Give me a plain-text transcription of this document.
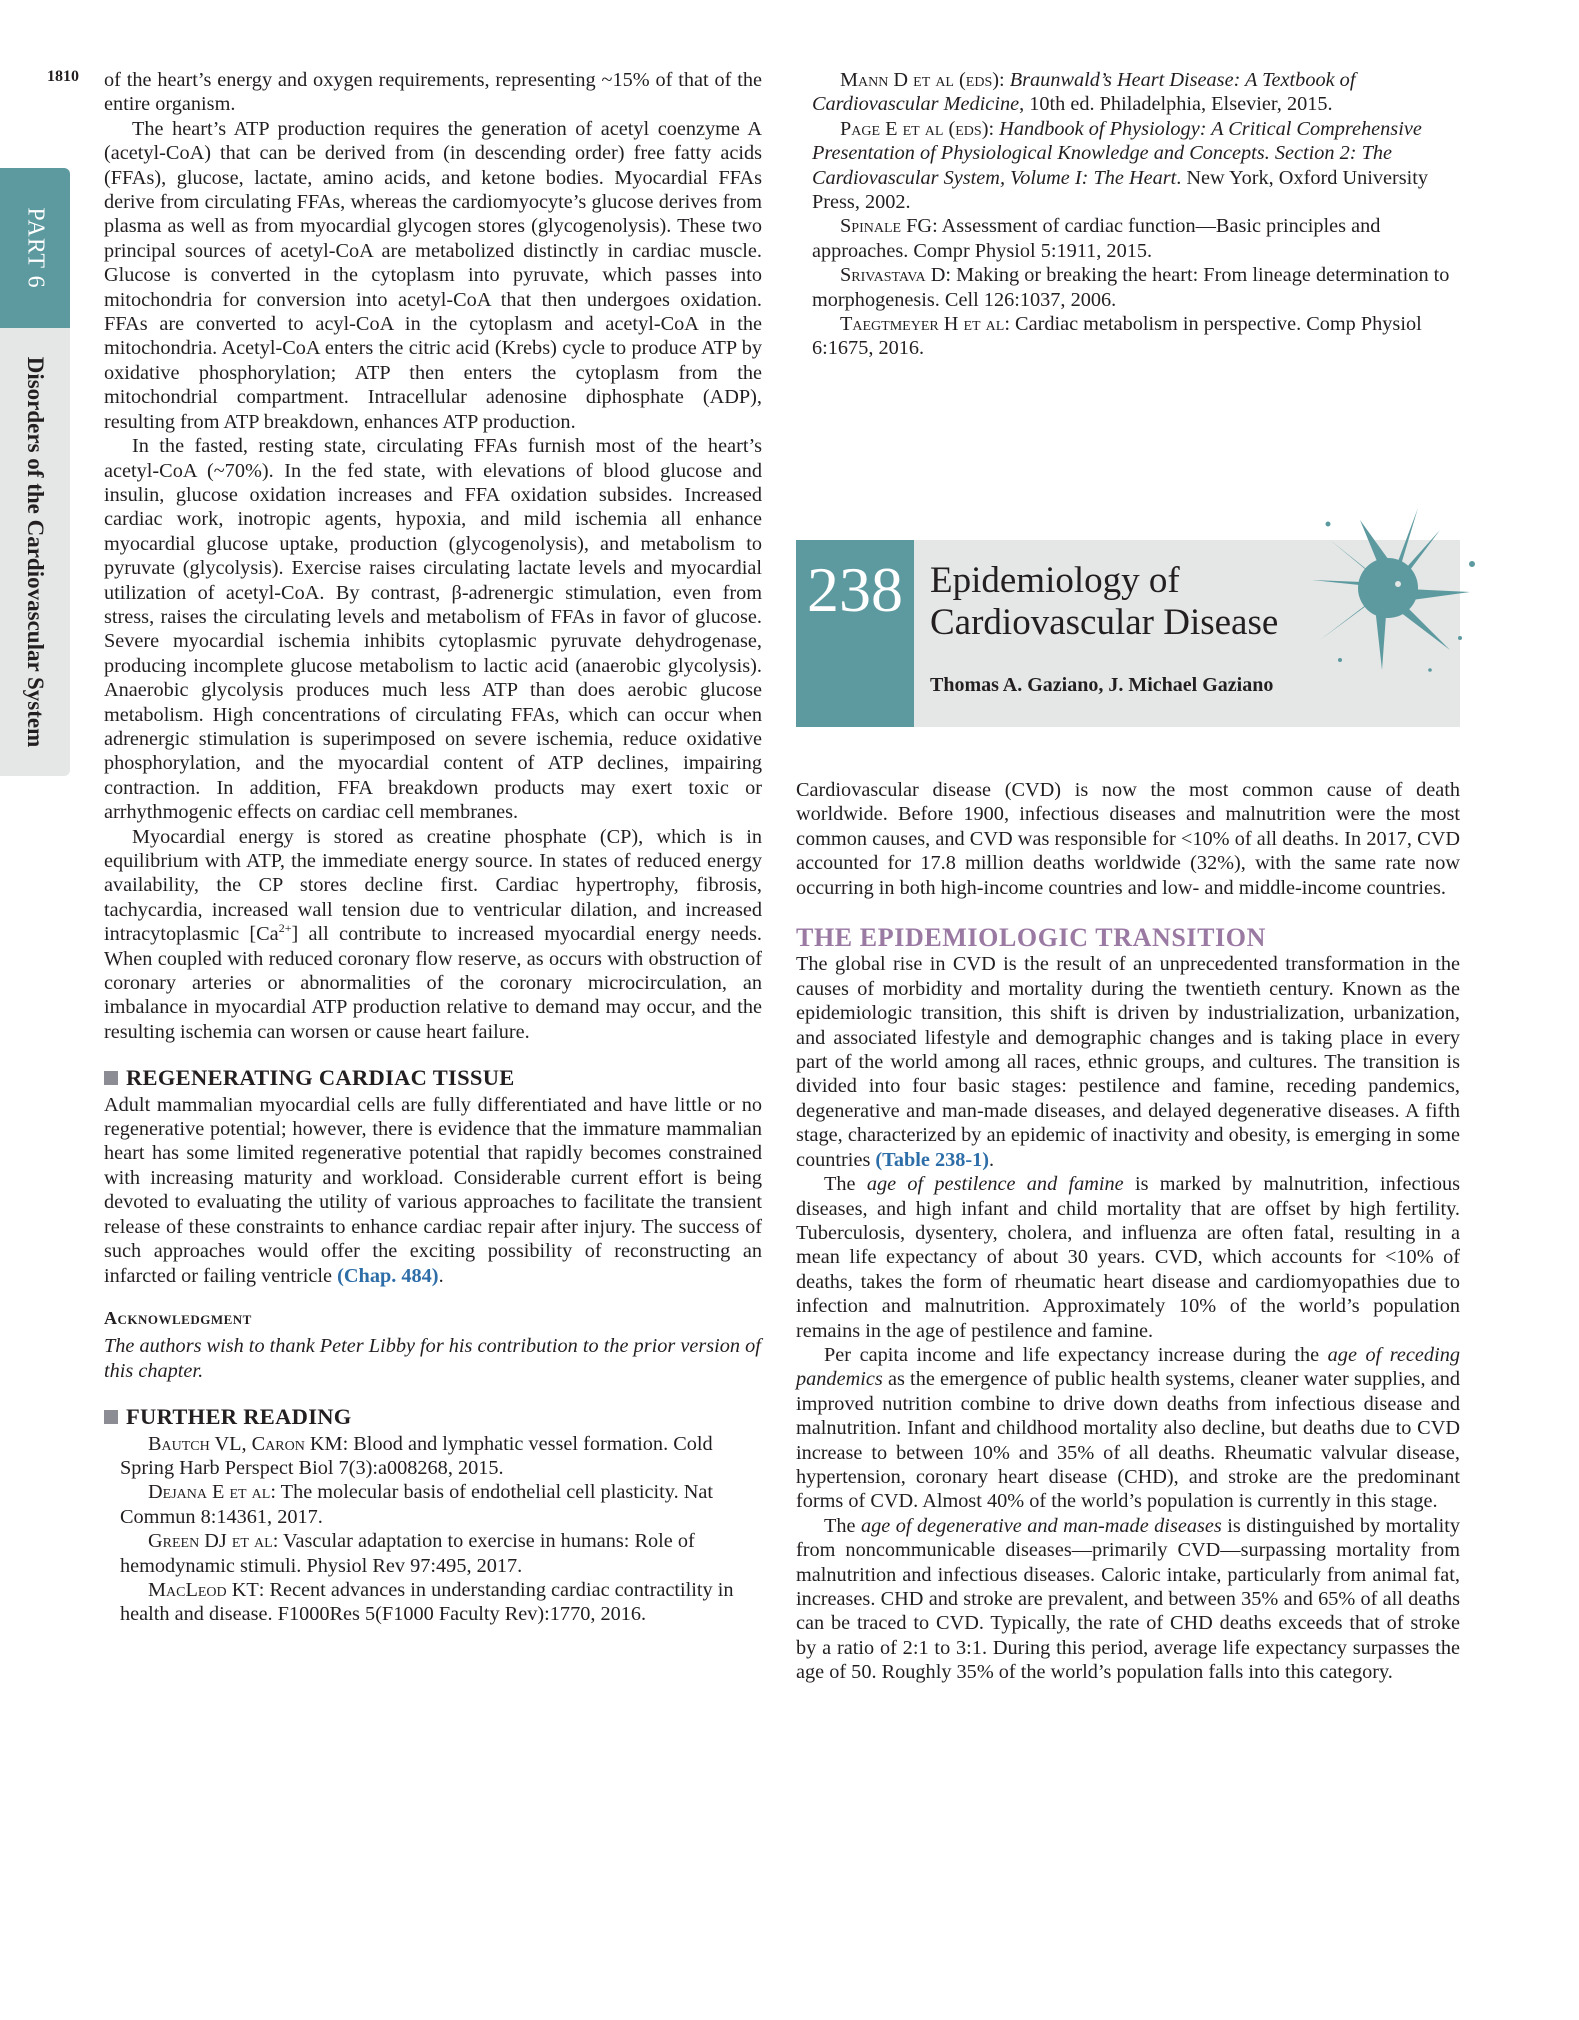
1810
PART 6
Disorders of the Cardiovascular System

of the heart’s energy and oxygen requirements, representing ~15% of that of the entire organism.

The heart’s ATP production requires the generation of acetyl coenzyme A (acetyl-CoA) that can be derived from (in descending order) free fatty acids (FFAs), glucose, lactate, amino acids, and ketone bodies. Myocardial FFAs derive from circulating FFAs, whereas the cardiomyocyte’s glucose derives from plasma as well as from myocardial glycogen stores (glycogenolysis). These two principal sources of acetyl-CoA are metabolized distinctly in cardiac muscle. Glucose is converted in the cytoplasm into pyruvate, which passes into mitochondria for conversion into acetyl-CoA that then undergoes oxidation. FFAs are converted to acyl-CoA in the cytoplasm and acetyl-CoA in the mitochondria. Acetyl-CoA enters the citric acid (Krebs) cycle to produce ATP by oxidative phosphorylation; ATP then enters the cytoplasm from the mitochondrial compartment. Intracellular adenosine diphosphate (ADP), resulting from ATP breakdown, enhances ATP production.

In the fasted, resting state, circulating FFAs furnish most of the heart’s acetyl-CoA (~70%). In the fed state, with elevations of blood glucose and insulin, glucose oxidation increases and FFA oxidation subsides. Increased cardiac work, inotropic agents, hypoxia, and mild ischemia all enhance myocardial glucose uptake, production (glycogenolysis), and metabolism to pyruvate (glycolysis). Exercise raises circulating lactate levels and myocardial utilization of acetyl-CoA. By contrast, β-adrenergic stimulation, even from stress, raises the circulating levels and metabolism of FFAs in favor of glucose. Severe myocardial ischemia inhibits cytoplasmic pyruvate dehydrogenase, producing incomplete glucose metabolism to lactic acid (anaerobic glycolysis). Anaerobic glycolysis produces much less ATP than does aerobic glucose metabolism. High concentrations of circulating FFAs, which can occur when adrenergic stimulation is superimposed on severe ischemia, reduce oxidative phosphorylation, and the myocardial content of ATP declines, impairing contraction. In addition, FFA breakdown products may exert toxic or arrhythmogenic effects on cardiac cell membranes.

Myocardial energy is stored as creatine phosphate (CP), which is in equilibrium with ATP, the immediate energy source. In states of reduced energy availability, the CP stores decline first. Cardiac hypertrophy, fibrosis, tachycardia, increased wall tension due to ventricular dilation, and increased intracytoplasmic $[Ca^{2+}]$ all contribute to increased myocardial energy needs. When coupled with reduced coronary flow reserve, as occurs with obstruction of coronary arteries or abnormalities of the coronary microcirculation, an imbalance in myocardial ATP production relative to demand may occur, and the resulting ischemia can worsen or cause heart failure.

REGENERATING CARDIAC TISSUE

Adult mammalian myocardial cells are fully differentiated and have little or no regenerative potential; however, there is evidence that the immature mammalian heart has some limited regenerative potential that rapidly becomes constrained with increasing maturity and workload. Considerable current effort is being devoted to evaluating the utility of various approaches to facilitate the transient release of these constraints to enhance cardiac repair after injury. The success of such approaches would offer the exciting possibility of reconstructing an infarcted or failing ventricle (Chap. 484).

Acknowledgment

The authors wish to thank Peter Libby for his contribution to the prior version of this chapter.

FURTHER READING

Bautch VL, Caron KM: Blood and lymphatic vessel formation. Cold Spring Harb Perspect Biol 7(3):a008268, 2015.

Dejana E et al: The molecular basis of endothelial cell plasticity. Nat Commun 8:14361, 2017.

Green DJ et al: Vascular adaptation to exercise in humans: Role of hemodynamic stimuli. Physiol Rev 97:495, 2017.

MacLeod KT: Recent advances in understanding cardiac contractility in health and disease. F1000Res 5(F1000 Faculty Rev):1770, 2016.

Mann D et al (eds): Braunwald’s Heart Disease: A Textbook of Cardiovascular Medicine, 10th ed. Philadelphia, Elsevier, 2015.

Page E et al (eds): Handbook of Physiology: A Critical Comprehensive Presentation of Physiological Knowledge and Concepts. Section 2: The Cardiovascular System, Volume I: The Heart. New York, Oxford University Press, 2002.

Spinale FG: Assessment of cardiac function—Basic principles and approaches. Compr Physiol 5:1911, 2015.

Srivastava D: Making or breaking the heart: From lineage determination to morphogenesis. Cell 126:1037, 2006.

Taegtmeyer H et al: Cardiac metabolism in perspective. Comp Physiol 6:1675, 2016.

238 Epidemiology of
Cardiovascular Disease
Thomas A. Gaziano, J. Michael Gaziano

Cardiovascular disease (CVD) is now the most common cause of death worldwide. Before 1900, infectious diseases and malnutrition were the most common causes, and CVD was responsible for <10% of all deaths. In 2017, CVD accounted for 17.8 million deaths worldwide (32%), with the same rate now occurring in both high-income countries and low- and middle-income countries.

THE EPIDEMIOLOGIC TRANSITION

The global rise in CVD is the result of an unprecedented transformation in the causes of morbidity and mortality during the twentieth century. Known as the epidemiologic transition, this shift is driven by industrialization, urbanization, and associated lifestyle and demographic changes and is taking place in every part of the world among all races, ethnic groups, and cultures. The transition is divided into four basic stages: pestilence and famine, receding pandemics, degenerative and man-made diseases, and delayed degenerative diseases. A fifth stage, characterized by an epidemic of inactivity and obesity, is emerging in some countries (Table 238-1).

The age of pestilence and famine is marked by malnutrition, infectious diseases, and high infant and child mortality that are offset by high fertility. Tuberculosis, dysentery, cholera, and influenza are often fatal, resulting in a mean life expectancy of about 30 years. CVD, which accounts for <10% of deaths, takes the form of rheumatic heart disease and cardiomyopathies due to infection and malnutrition. Approximately 10% of the world’s population remains in the age of pestilence and famine.

Per capita income and life expectancy increase during the age of receding pandemics as the emergence of public health systems, cleaner water supplies, and improved nutrition combine to drive down deaths from infectious disease and malnutrition. Infant and childhood mortality also decline, but deaths due to CVD increase to between 10% and 35% of all deaths. Rheumatic valvular disease, hypertension, coronary heart disease (CHD), and stroke are the predominant forms of CVD. Almost 40% of the world’s population is currently in this stage.

The age of degenerative and man-made diseases is distinguished by mortality from noncommunicable diseases—primarily CVD—surpassing mortality from malnutrition and infectious diseases. Caloric intake, particularly from animal fat, increases. CHD and stroke are prevalent, and between 35% and 65% of all deaths can be traced to CVD. Typically, the rate of CHD deaths exceeds that of stroke by a ratio of 2:1 to 3:1. During this period, average life expectancy surpasses the age of 50. Roughly 35% of the world’s population falls into this category.
